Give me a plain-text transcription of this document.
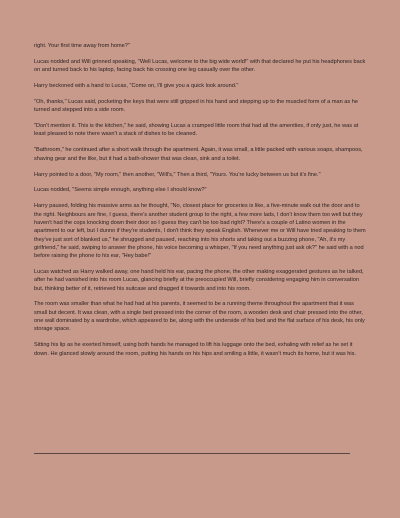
right. Your first time away from home?"

Lucas nodded and Will grinned speaking, "Well Lucas, welcome to the big wide world!" with that declared he put his headphones back on and turned back to his laptop, facing back his crossing one leg casually over the other.

Harry beckoned with a hand to Lucas, "Come on, I'll give you a quick look around."

"Oh, thanks," Lucas said, pocketing the keys that were still gripped in his hand and stepping up to the muscled form of a man as he turned and stepped into a side room.

"Don't mention it. This is the kitchen," he said, showing Lucas a cramped little room that had all the amenities, if only just, he was at least pleased to note there wasn't a stack of dishes to be cleaned.

"Bathroom," he continued after a short walk through the apartment. Again, it was small, a little packed with various soaps, shampoos, shaving gear and the like, but it had a bath-shower that was clean, sink and a toilet.

Harry pointed to a door, "My room," then another, "Will's," Then a third, "Yours. You're lucky between us but it's fine."

Lucas nodded, "Seems simple enough, anything else I should know?"

Harry paused, folding his massive arms as he thought, "No, closest place for groceries is like, a five-minute walk out the door and to the right. Neighbours are fine, I guess, there's another student group to the right, a few more lads, I don't know them too well but they haven't had the cops knocking down their door so I guess they can't be too bad right? There's a couple of Latino women in the apartment to our left, but I dunno if they're students, I don't think they speak English. Whenever me or Will have tried speaking to them they've just sort of blanked us," he shrugged and paused, reaching into his shorts and taking out a buzzing phone, "Ah, it's my girlfriend," he said, swiping to answer the phone, his voice becoming a whisper, "If you need anything just ask ok?" he said with a nod before raising the phone to his ear, "Hey babe!"

Lucas watched as Harry walked away, one hand held his ear, pacing the phone, the other making exaggerated gestures as he talked, after he had vanished into his room Lucas, glancing briefly at the preoccupied Will, briefly considering engaging him in conversation but, thinking better of it, retrieved his suitcase and dragged it towards and into his room.

The room was smaller than what he had had at his parents, it seemed to be a running theme throughout the apartment that it was small but decent. It was clean, with a single bed pressed into the corner of the room, a wooden desk and chair pressed into the other, one wall dominated by a wardrobe, which appeared to be, along with the underside of his bed and the flat surface of his desk, his only storage space.

Sitting his lip as he exerted himself, using both hands he managed to lift his luggage onto the bed, exhaling with relief as he set it down. He glanced slowly around the room, putting his hands on his hips and smiling a little, it wasn't much its home, but it was his.
